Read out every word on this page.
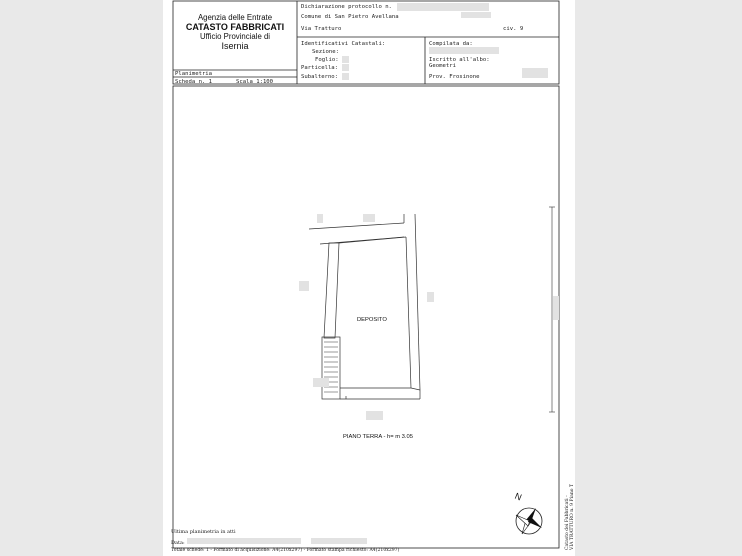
Agenzia delle Entrate
CATASTO FABBRICATI
Ufficio Provinciale di
Isernia
Dichiarazione protocollo n.
Comune di San Pietro Avellana
Via Tratturo	civ. 9
Identificativi Catastali:
Sezione:
Foglio:
Particella:
Subalterno:
Compilata da:
Iscritto all'albo:
Geometri
Prov. Frosinone
Planimetria
Scheda n. 1	Scala 1:100
N
DEPOSITO
PIANO TERRA - h= m 3.05
Catasto dei Fabbricati - VIA TRATTURO n. 9 Piano T
Ultima planimetria in atti
Data:
Totale schede: 1 - Formato di acquisizione: A4(210x297) - Formato stampa richiesto: A4(210x297)
